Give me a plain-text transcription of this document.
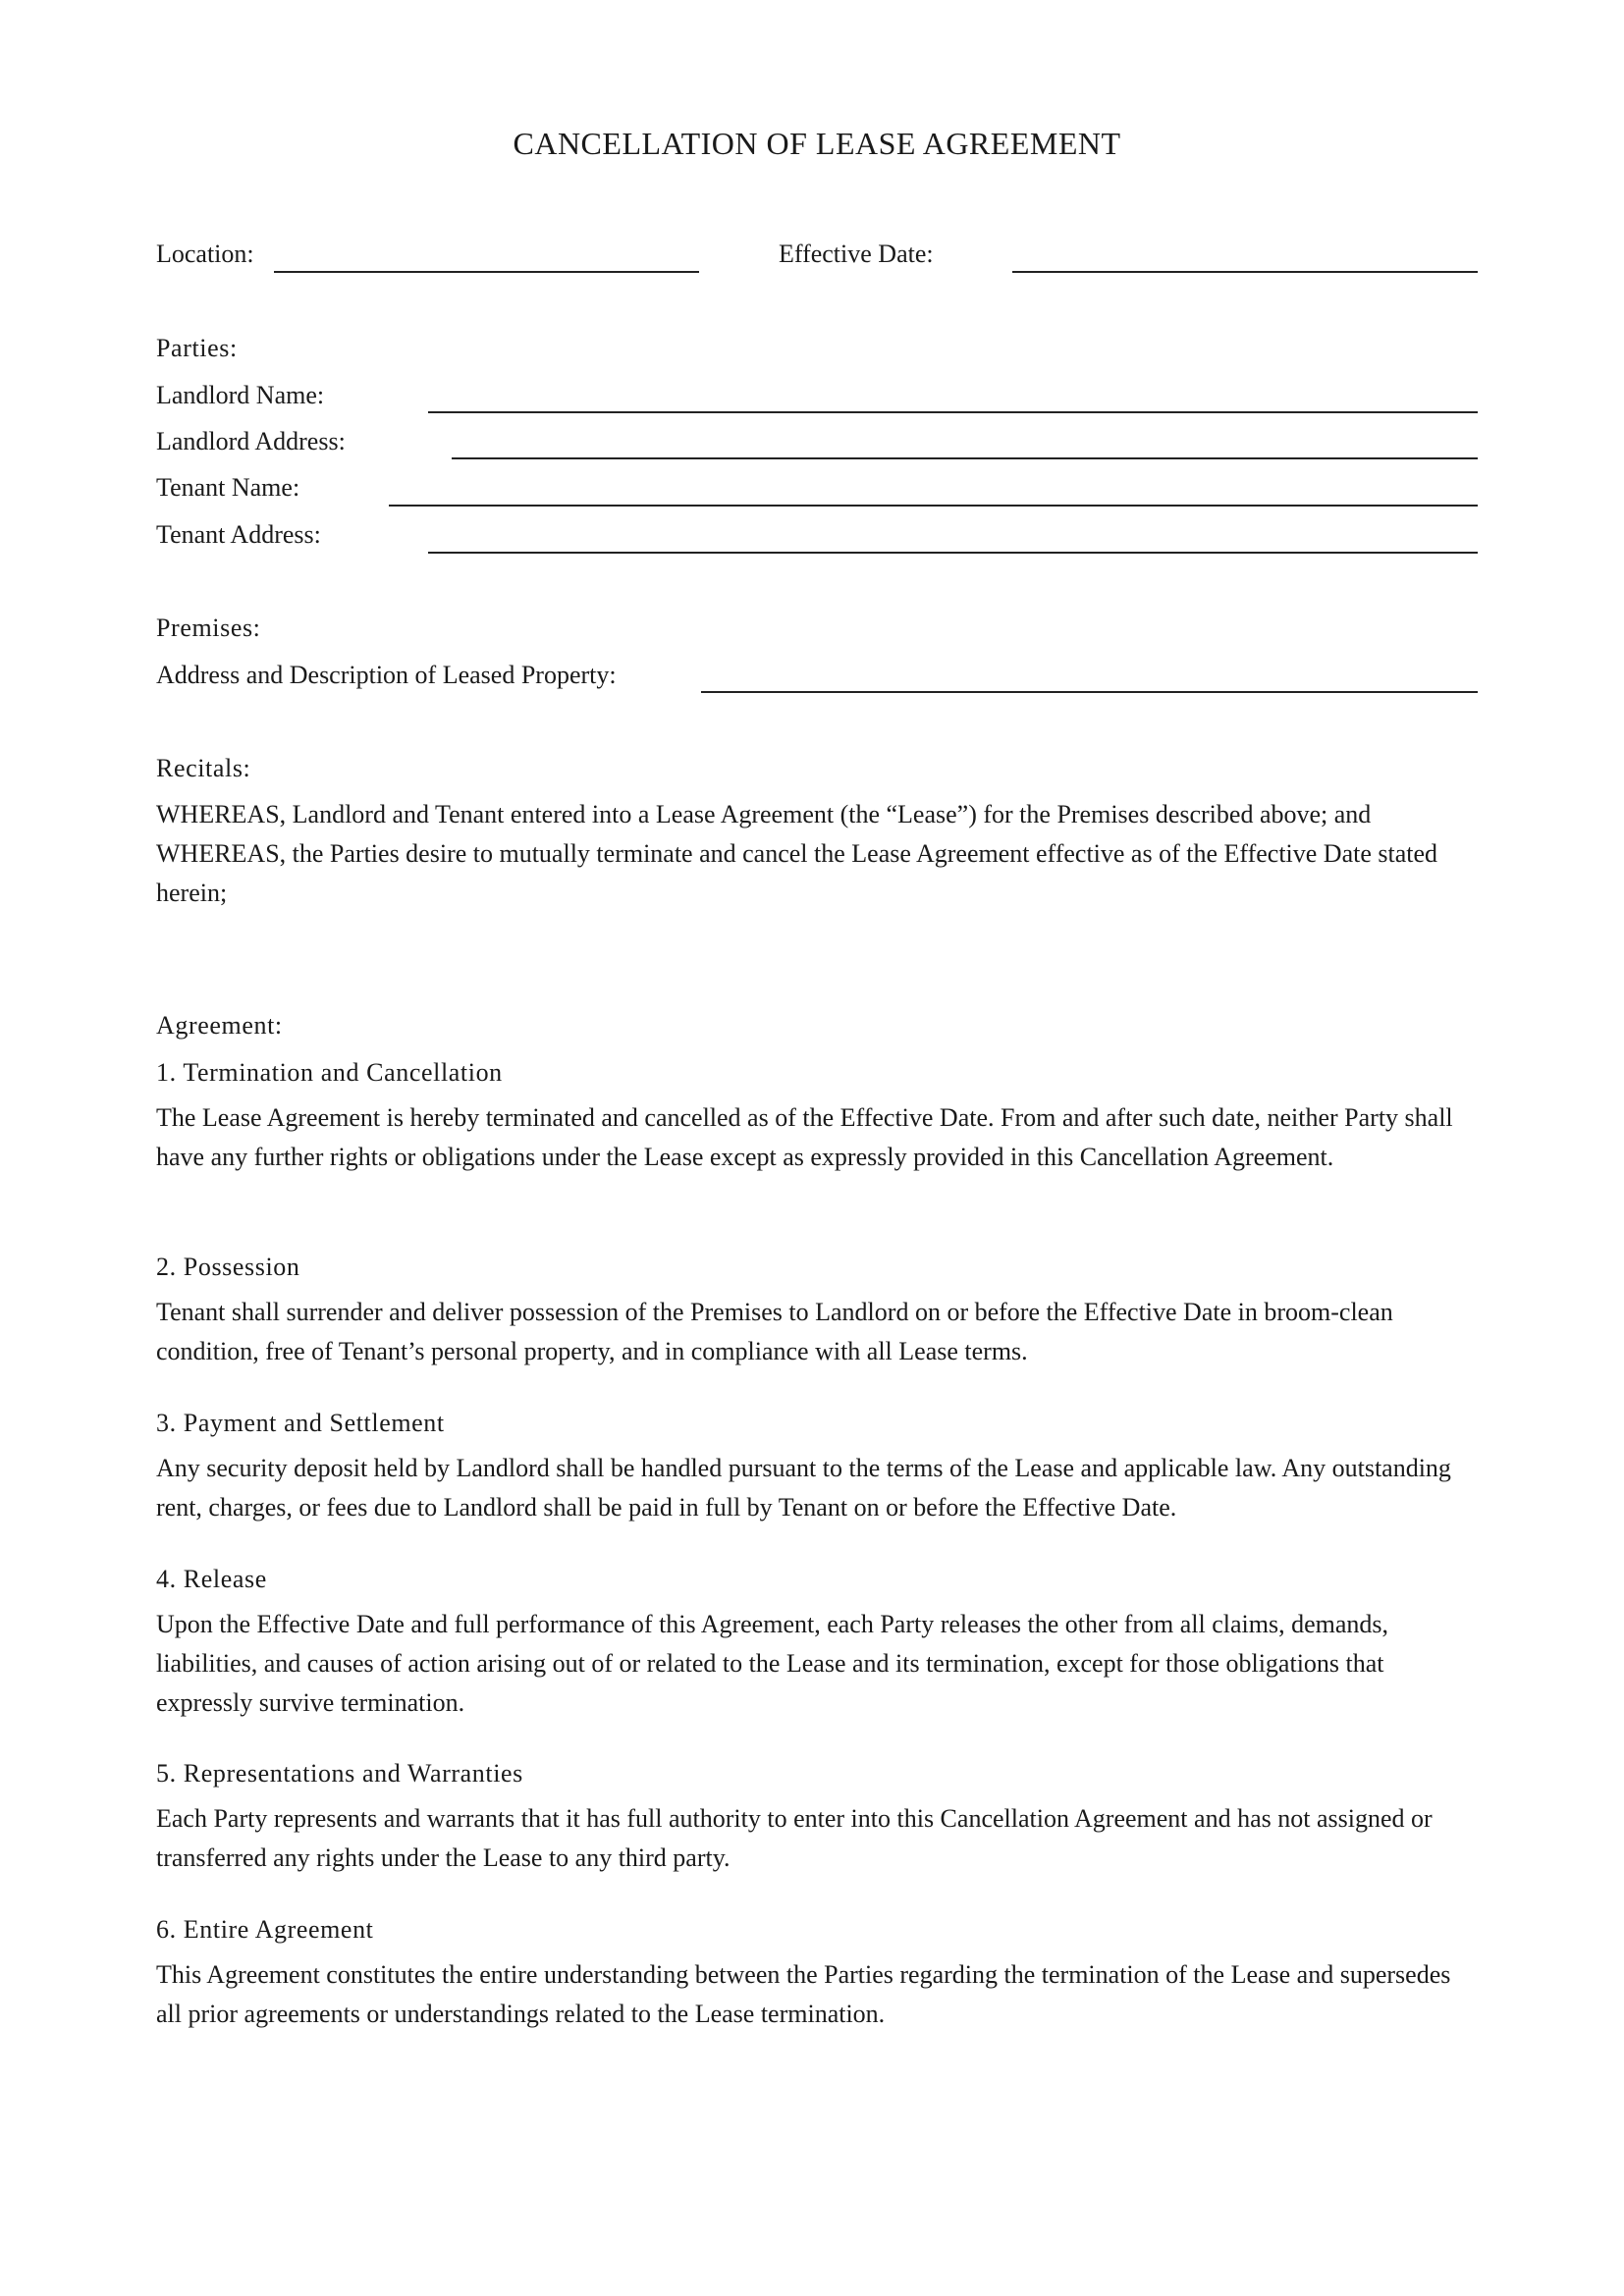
CANCELLATION OF LEASE AGREEMENT
Location:	Effective Date:
Parties:
Landlord Name:
Landlord Address:
Tenant Name:
Tenant Address:
Premises:
Address and Description of Leased Property:
Recitals:
WHEREAS, Landlord and Tenant entered into a Lease Agreement (the “Lease”) for the Premises described above; and WHEREAS, the Parties desire to mutually terminate and cancel the Lease Agreement effective as of the Effective Date stated herein;
Agreement:
1. Termination and Cancellation
The Lease Agreement is hereby terminated and cancelled as of the Effective Date. From and after such date, neither Party shall have any further rights or obligations under the Lease except as expressly provided in this Cancellation Agreement.
2. Possession
Tenant shall surrender and deliver possession of the Premises to Landlord on or before the Effective Date in broom-clean condition, free of Tenant’s personal property, and in compliance with all Lease terms.
3. Payment and Settlement
Any security deposit held by Landlord shall be handled pursuant to the terms of the Lease and applicable law. Any outstanding rent, charges, or fees due to Landlord shall be paid in full by Tenant on or before the Effective Date.
4. Release
Upon the Effective Date and full performance of this Agreement, each Party releases the other from all claims, demands, liabilities, and causes of action arising out of or related to the Lease and its termination, except for those obligations that expressly survive termination.
5. Representations and Warranties
Each Party represents and warrants that it has full authority to enter into this Cancellation Agreement and has not assigned or transferred any rights under the Lease to any third party.
6. Entire Agreement
This Agreement constitutes the entire understanding between the Parties regarding the termination of the Lease and supersedes all prior agreements or understandings related to the Lease termination.
